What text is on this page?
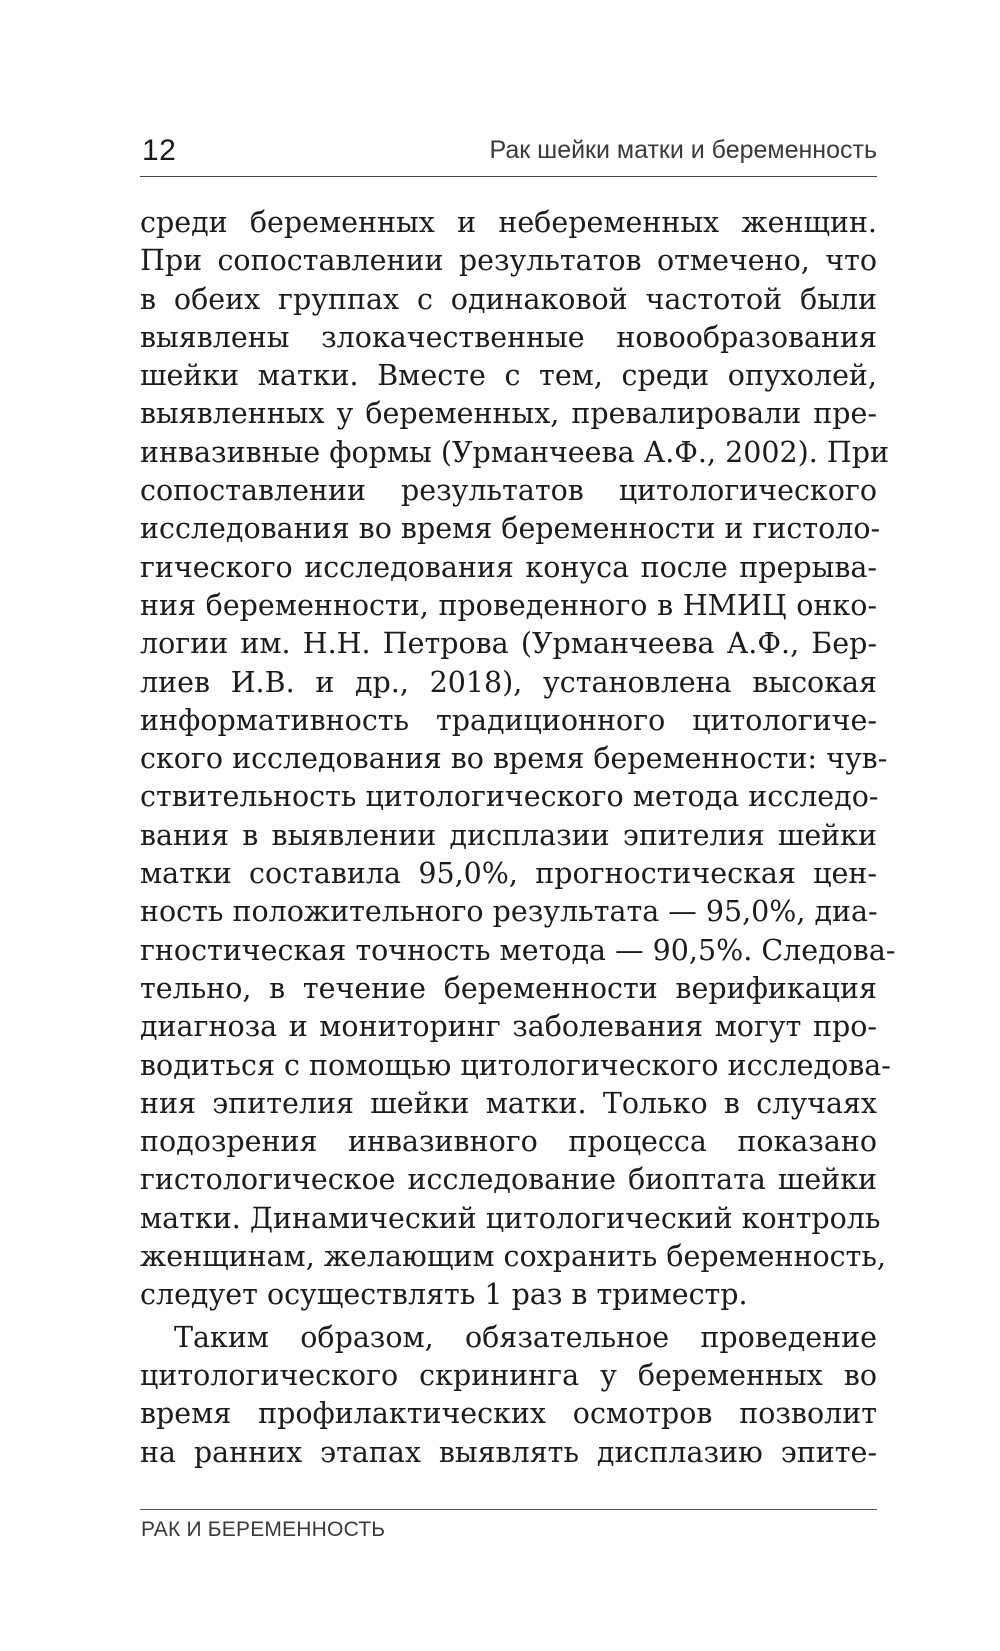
12	Рак шейки матки и беременность
среди беременных и небеременных женщин.
При сопоставлении результатов отмечено, что
в обеих группах с одинаковой частотой были
выявлены злокачественные новообразования
шейки матки. Вместе с тем, среди опухолей,
выявленных у беременных, превалировали пре-
инвазивные формы (Урманчеева А.Ф., 2002). При
сопоставлении результатов цитологического
исследования во время беременности и гистоло-
гического исследования конуса после прерыва-
ния беременности, проведенного в НМИЦ онко-
логии им. Н.Н. Петрова (Урманчеева А.Ф., Бер-
лиев И.В. и др., 2018), установлена высокая
информативность традиционного цитологиче-
ского исследования во время беременности: чув-
ствительность цитологического метода исследо-
вания в выявлении дисплазии эпителия шейки
матки составила 95,0%, прогностическая цен-
ность положительного результата — 95,0%, диа-
гностическая точность метода — 90,5%. Следова-
тельно, в течение беременности верификация
диагноза и мониторинг заболевания могут про-
водиться с помощью цитологического исследова-
ния эпителия шейки матки. Только в случаях
подозрения инвазивного процесса показано
гистологическое исследование биоптата шейки
матки. Динамический цитологический контроль
женщинам, желающим сохранить беременность,
следует осуществлять 1 раз в триместр.
Таким образом, обязательное проведение
цитологического скрининга у беременных во
время профилактических осмотров позволит
на ранних этапах выявлять дисплазию эпите-
РАК И БЕРЕМЕННОСТЬ
